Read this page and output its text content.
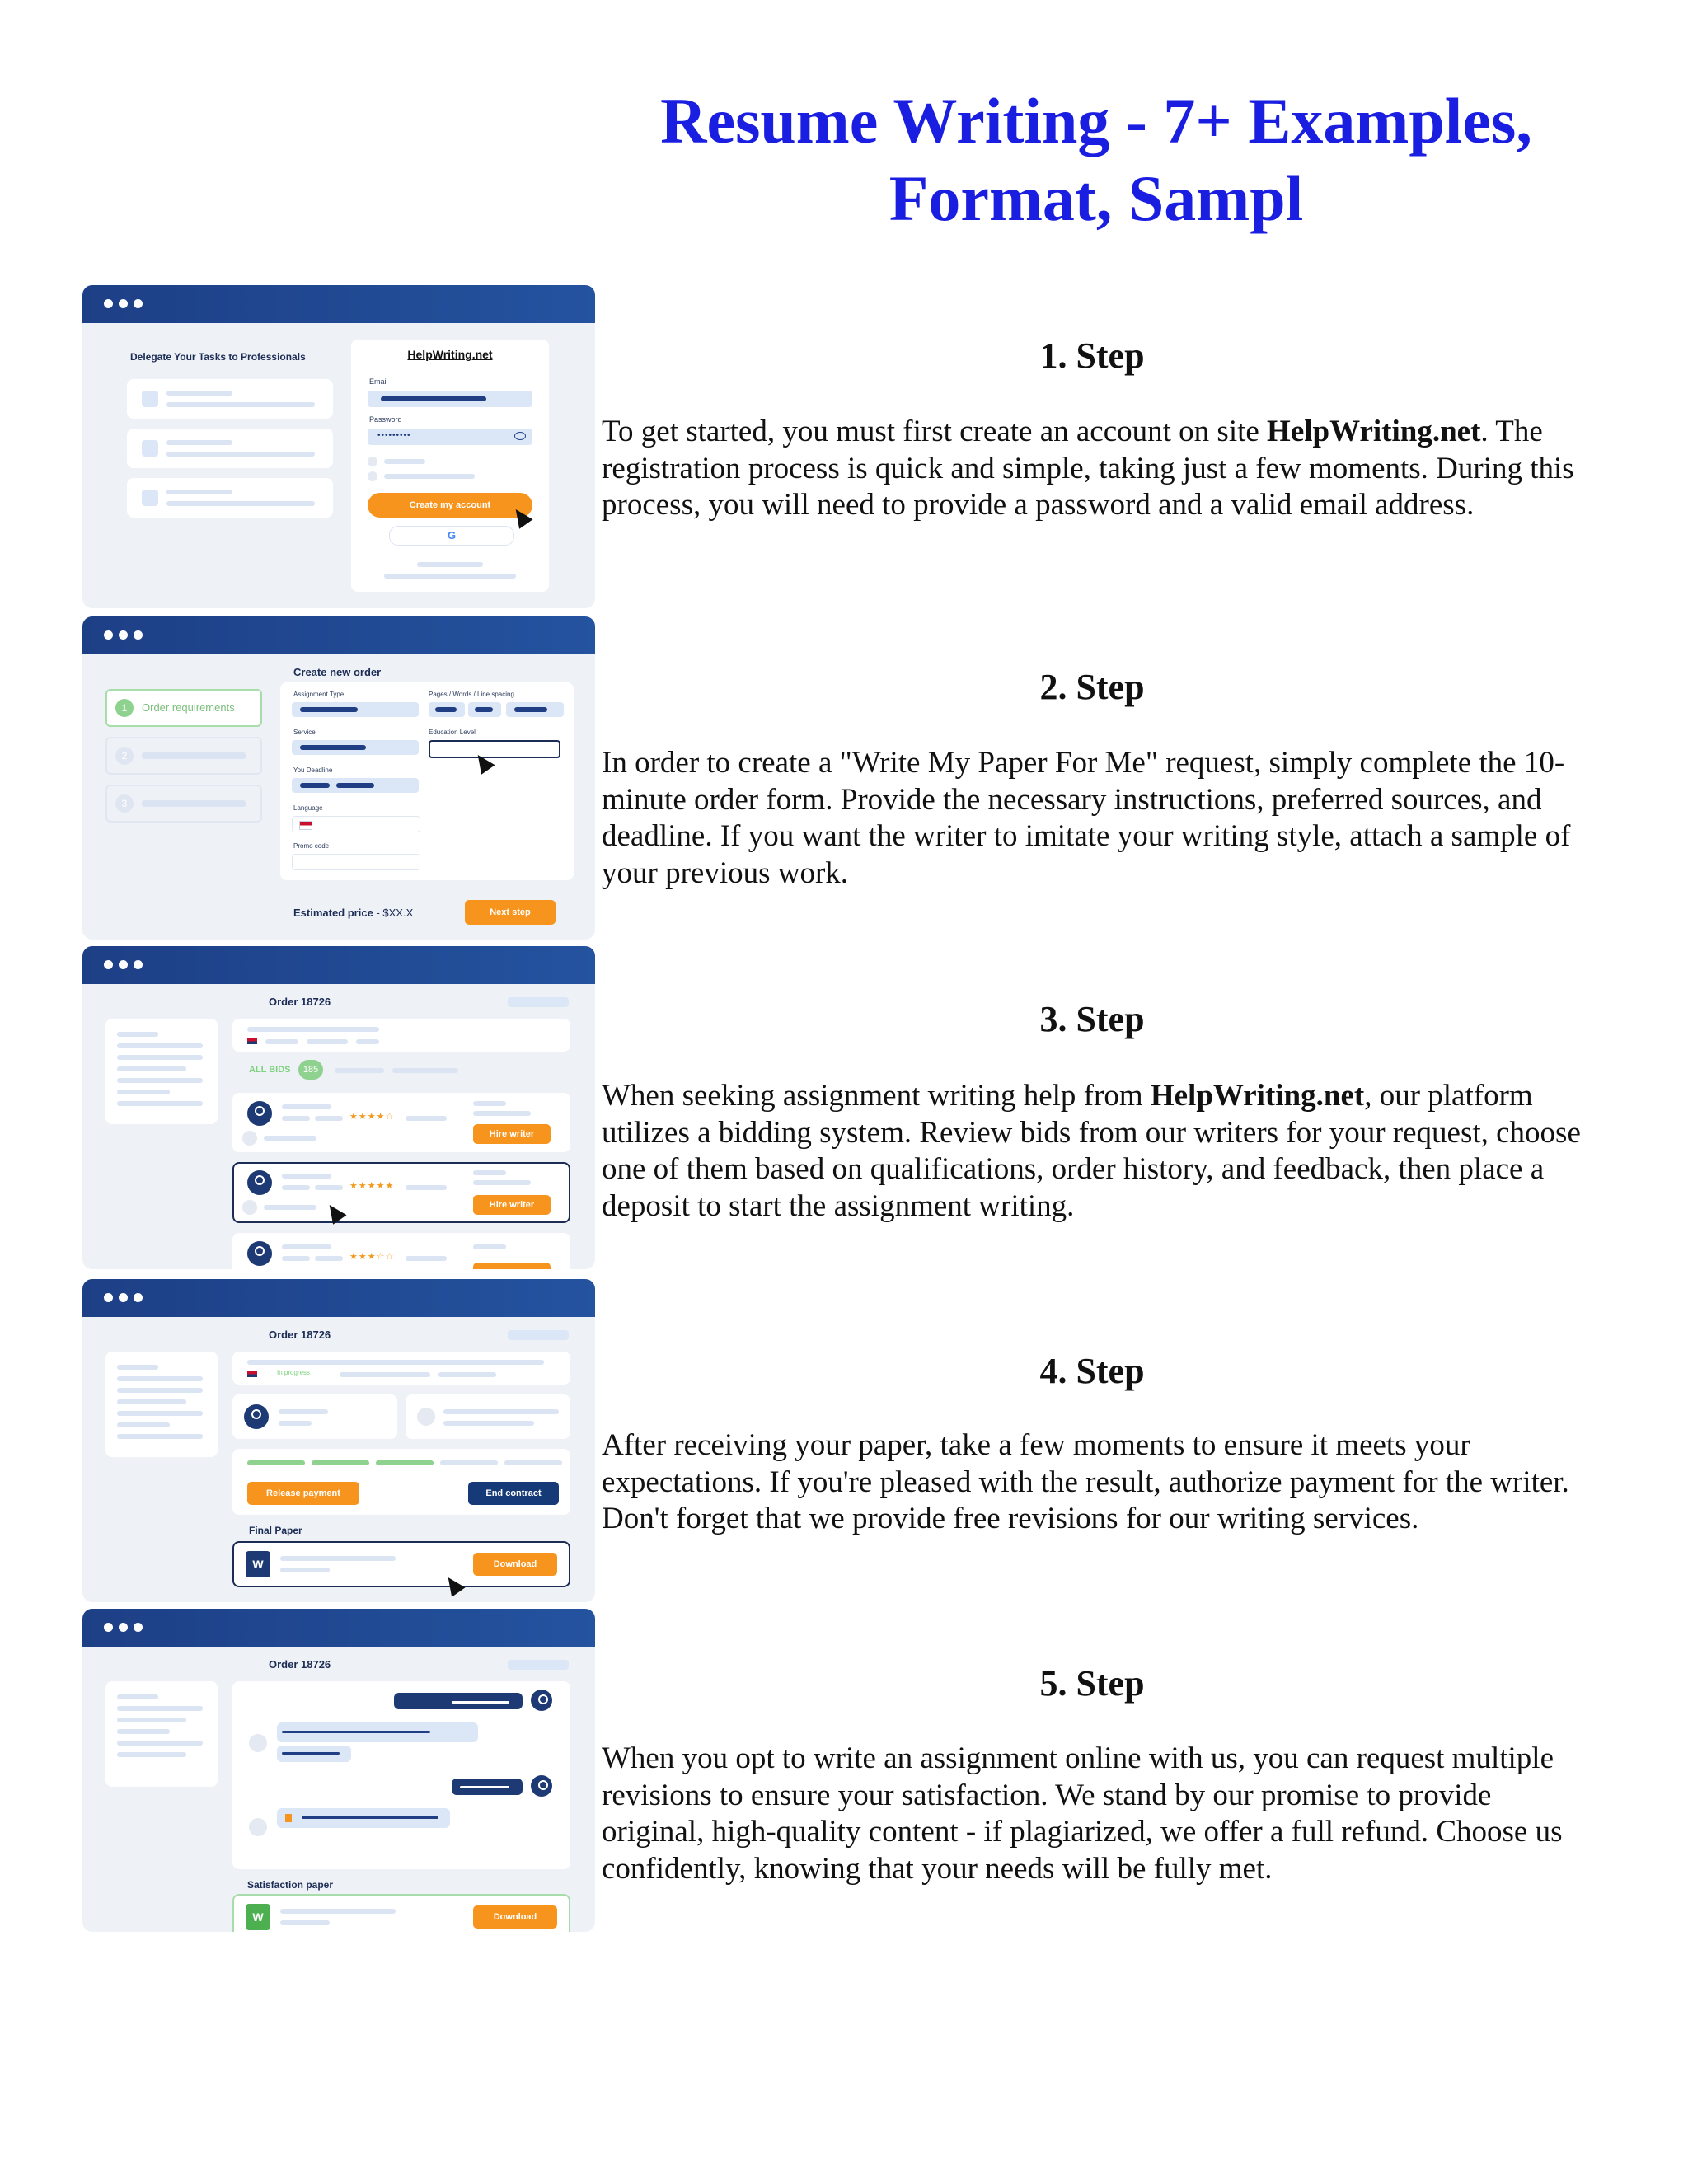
Resume Writing - 7+ Examples, Format, Sampl
1. Step

To get started, you must first create an account on site HelpWriting.net. The registration process is quick and simple, taking just a few moments. During this process, you will need to provide a password and a valid email address.

2. Step

In order to create a "Write My Paper For Me" request, simply complete the 10-minute order form. Provide the necessary instructions, preferred sources, and deadline. If you want the writer to imitate your writing style, attach a sample of your previous work.

3. Step

When seeking assignment writing help from HelpWriting.net, our platform utilizes a bidding system. Review bids from our writers for your request, choose one of them based on qualifications, order history, and feedback, then place a deposit to start the assignment writing.

4. Step

After receiving your paper, take a few moments to ensure it meets your expectations. If you're pleased with the result, authorize payment for the writer. Don't forget that we provide free revisions for our writing services.

5. Step

When you opt to write an assignment online with us, you can request multiple revisions to ensure your satisfaction. We stand by our promise to provide original, high-quality content - if plagiarized, we offer a full refund. Choose us confidently, knowing that your needs will be fully met.

Delegate Your Tasks to Professionals	HelpWriting.net
Email
Password
•••••••••
Create my account
G
1	Order requirements
2
3
Create new order
Assignment Type	Pages / Words / Line spacing
Service	Education Level
You Deadline
Language
Promo code
Estimated price - $XX.X	Next step
Order 18726
ALL BIDS	185
★★★★☆
Hire writer
★★★★★
Hire writer
★★★☆☆
Order 18726
In progress
Release payment	End contract
Final Paper
W	Download
Order 18726
Satisfaction paper
W	Download
